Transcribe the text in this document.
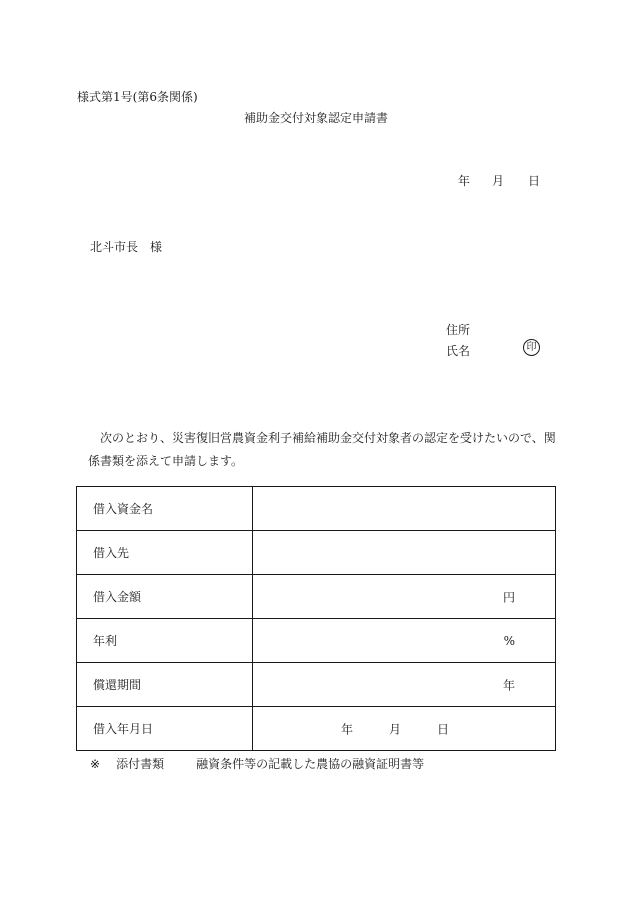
様式第1号(第6条関係)
補助金交付対象認定申請書
年 月 日
北斗市長　様
住所
氏名	印
次のとおり、災害復旧営農資金利子補給補助金交付対象者の認定を受けたいので、関
係書類を添えて申請します。
借入資金名	
借入先	
借入金額	円

年利	%

償還期間	年

借入年月日	年 月 日
※ 添付書類	融資条件等の記載した農協の融資証明書等
